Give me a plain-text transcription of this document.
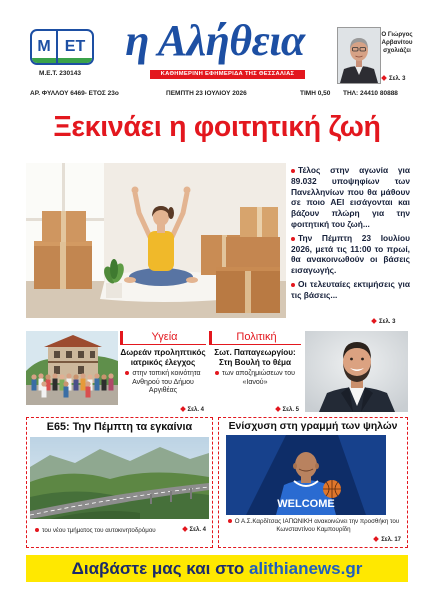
Μ ΕΤ
Μ.Ε.Τ. 230143
η Αλήθεια
ΚΑΘΗΜΕΡΙΝΗ ΕΦΗΜΕΡΙΔΑ ΤΗΣ ΘΕΣΣΑΛΙΑΣ
Ο Γιώργος Αρβανίτου σχολιάζει
Σελ. 3
ΑΡ. ΦΥΛΛΟΥ 6469- ΕΤΟΣ 23ο	ΠΕΜΠΤΗ 23 ΙΟΥΛΙΟΥ 2026	ΤΙΜΗ 0,50 ΤΗΛ: 24410 80888
Ξεκινάει η φοιτητική ζωή
Τέλος στην αγωνία για 89.032 υποψηφίων των Πανελληνίων που θα μάθουν σε ποιο ΑΕΙ εισάγονται και βάζουν πλώρη για την φοιτητική του ζωή...
Την Πέμπτη 23 Ιουλίου 2026, μετά τις 11:00 το πρωί, θα ανακοινωθούν οι βάσεις εισαγωγής.
Οι τελευταίες εκτιμήσεις για τις βάσεις...
Σελ. 3
Υγεία
Δωρεάν προληπτικός ιατρικός έλεγχος
στην τοπική κοινότητα Ανθηρού του Δήμου Αργιθέας
Σελ. 4
Πολιτική
Σωτ. Παπαγεωργίου: Στη Βουλή το θέμα
των αποζημιώσεων του «Ιανού»
Σελ. 5
Ε65: Την Πέμπτη τα εγκαίνια
του νέου τμήματος του αυτοκινητοδρόμου	Σελ. 4
Ενίσχυση στη γραμμή των ψηλών
WELCOME
Ο Α.Σ.Καρδίτσας ΙΑΠΩΝΙΚΗ ανακοινώνει την προσθήκη του Κωνσταντίνου Καμπουρίδη
Σελ. 17
Διαβάστε μας και στο alithianews.gr
